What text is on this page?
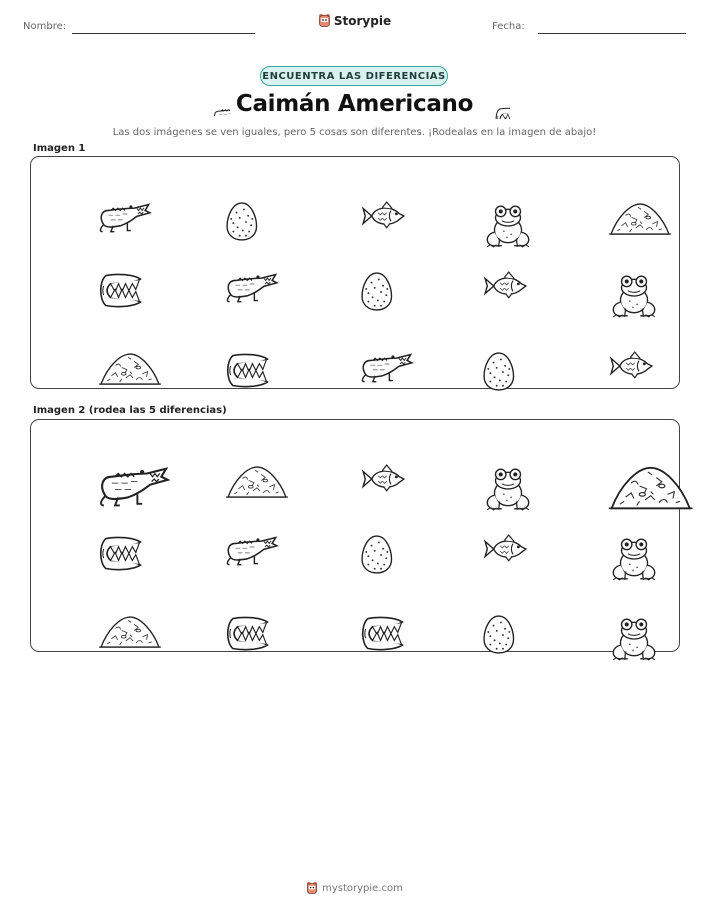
Nombre:	Storypie	Fecha:
ENCUENTRA LAS DIFERENCIAS
Caimán Americano
Las dos imágenes se ven iguales, pero 5 cosas son diferentes. ¡Rodealas en la imagen de abajo!
Imagen 1
Imagen 2 (rodea las 5 diferencias)
mystorypie.com
